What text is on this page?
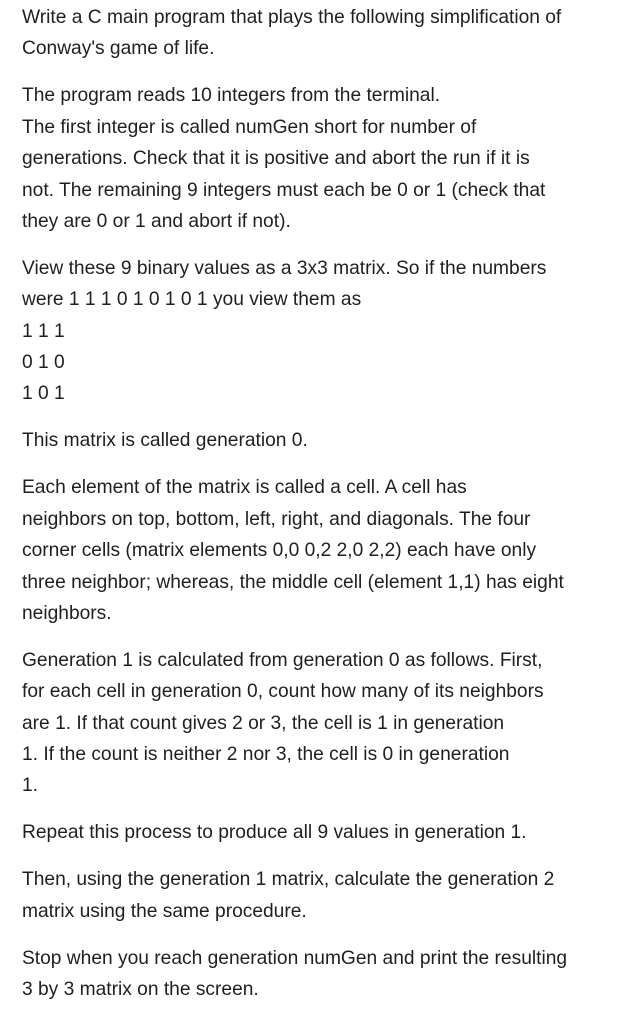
Write a C main program that plays the following simplification of
Conway's game of life.
The program reads 10 integers from the terminal.
The first integer is called numGen short for number of
generations. Check that it is positive and abort the run if it is
not. The remaining 9 integers must each be 0 or 1 (check that
they are 0 or 1 and abort if not).
View these 9 binary values as a 3x3 matrix. So if the numbers
were 1 1 1 0 1 0 1 0 1 you view them as
1 1 1
0 1 0
1 0 1
This matrix is called generation 0.
Each element of the matrix is called a cell. A cell has
neighbors on top, bottom, left, right, and diagonals. The four
corner cells (matrix elements 0,0 0,2 2,0 2,2) each have only
three neighbor; whereas, the middle cell (element 1,1) has eight
neighbors.
Generation 1 is calculated from generation 0 as follows. First,
for each cell in generation 0, count how many of its neighbors
are 1. If that count gives 2 or 3, the cell is 1 in generation
1. If the count is neither 2 nor 3, the cell is 0 in generation
1.
Repeat this process to produce all 9 values in generation 1.
Then, using the generation 1 matrix, calculate the generation 2
matrix using the same procedure.
Stop when you reach generation numGen and print the resulting
3 by 3 matrix on the screen.
